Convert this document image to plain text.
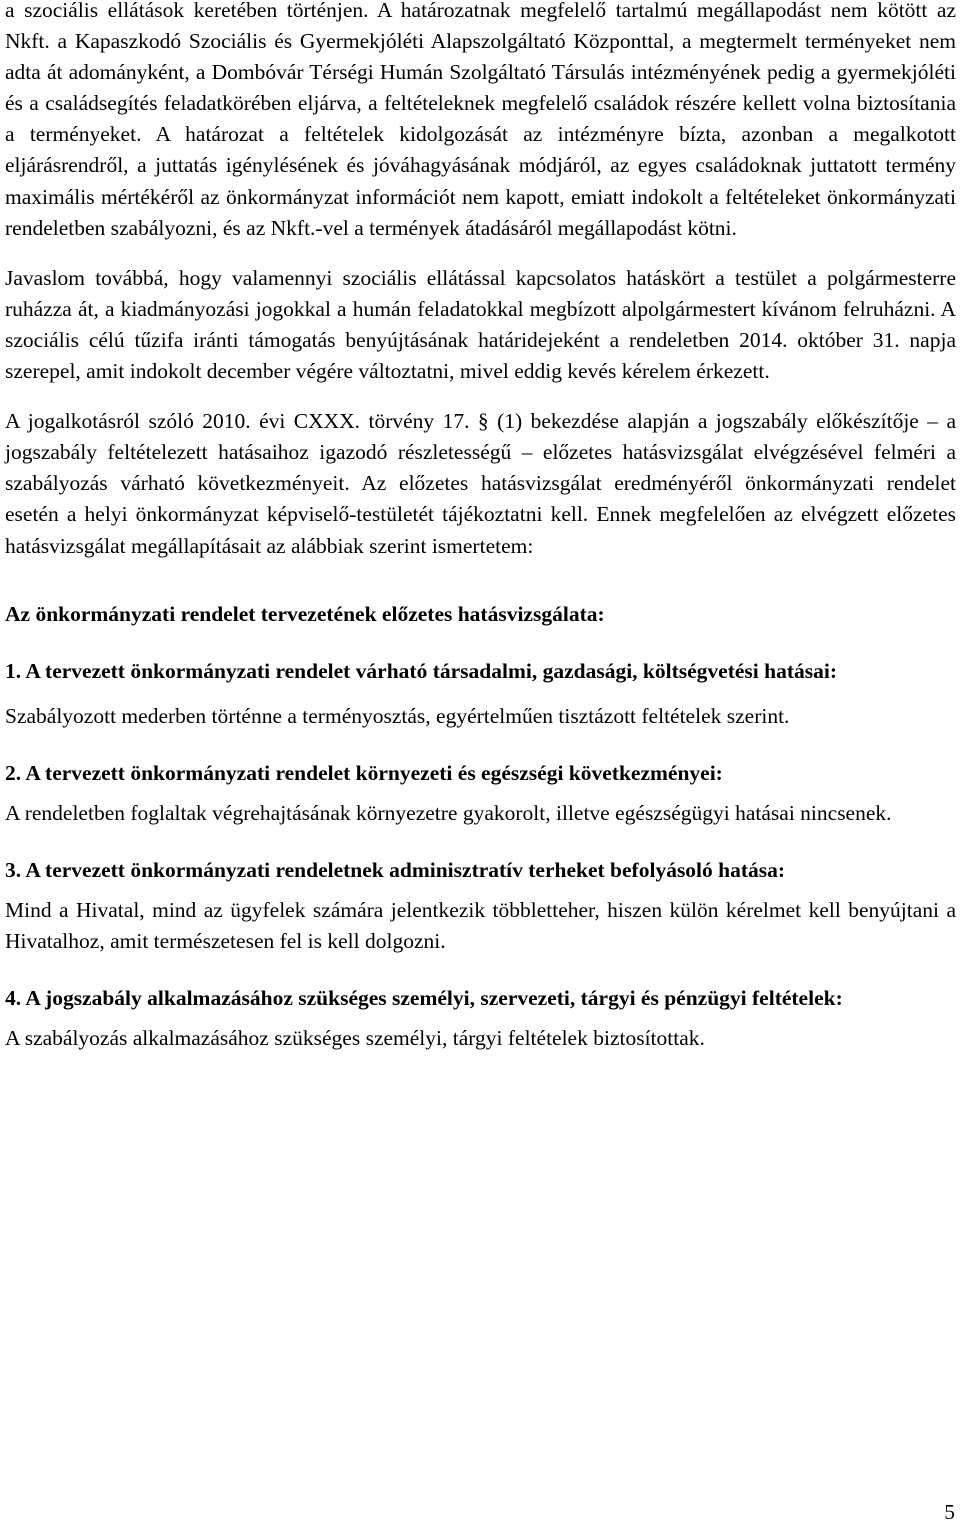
a szociális ellátások keretében történjen. A határozatnak megfelelő tartalmú megállapodást nem kötött az Nkft. a Kapaszkodó Szociális és Gyermekjóléti Alapszolgáltató Központtal, a megtermelt terményeket nem adta át adományként, a Dombóvár Térségi Humán Szolgáltató Társulás intézményének pedig a gyermekjóléti és a családsegítés feladatkörében eljárva, a feltételeknek megfelelő családok részére kellett volna biztosítania a terményeket. A határozat a feltételek kidolgozását az intézményre bízta, azonban a megalkotott eljárásrendről, a juttatás igénylésének és jóváhagyásának módjáról, az egyes családoknak juttatott termény maximális mértékéről az önkormányzat információt nem kapott, emiatt indokolt a feltételeket önkormányzati rendeletben szabályozni, és az Nkft.-vel a termények átadásáról megállapodást kötni.

Javaslom továbbá, hogy valamennyi szociális ellátással kapcsolatos hatáskört a testület a polgármesterre ruházza át, a kiadmányozási jogokkal a humán feladatokkal megbízott alpolgármestert kívánom felruházni. A szociális célú tűzifa iránti támogatás benyújtásának határidejeként a rendeletben 2014. október 31. napja szerepel, amit indokolt december végére változtatni, mivel eddig kevés kérelem érkezett.

A jogalkotásról szóló 2010. évi CXXX. törvény 17. § (1) bekezdése alapján a jogszabály előkészítője – a jogszabály feltételezett hatásaihoz igazodó részletességű – előzetes hatásvizsgálat elvégzésével felméri a szabályozás várható következményeit. Az előzetes hatásvizsgálat eredményéről önkormányzati rendelet esetén a helyi önkormányzat képviselő-testületét tájékoztatni kell. Ennek megfelelően az elvégzett előzetes hatásvizsgálat megállapításait az alábbiak szerint ismertetem:

Az önkormányzati rendelet tervezetének előzetes hatásvizsgálata:

1. A tervezett önkormányzati rendelet várható társadalmi, gazdasági, költségvetési hatásai:

Szabályozott mederben történne a terményosztás, egyértelműen tisztázott feltételek szerint.

2. A tervezett önkormányzati rendelet környezeti és egészségi következményei:

A rendeletben foglaltak végrehajtásának környezetre gyakorolt, illetve egészségügyi hatásai nincsenek.

3. A tervezett önkormányzati rendeletnek adminisztratív terheket befolyásoló hatása:

Mind a Hivatal, mind az ügyfelek számára jelentkezik többletteher, hiszen külön kérelmet kell benyújtani a Hivatalhoz, amit természetesen fel is kell dolgozni.

4. A jogszabály alkalmazásához szükséges személyi, szervezeti, tárgyi és pénzügyi feltételek:

A szabályozás alkalmazásához szükséges személyi, tárgyi feltételek biztosítottak.

5
